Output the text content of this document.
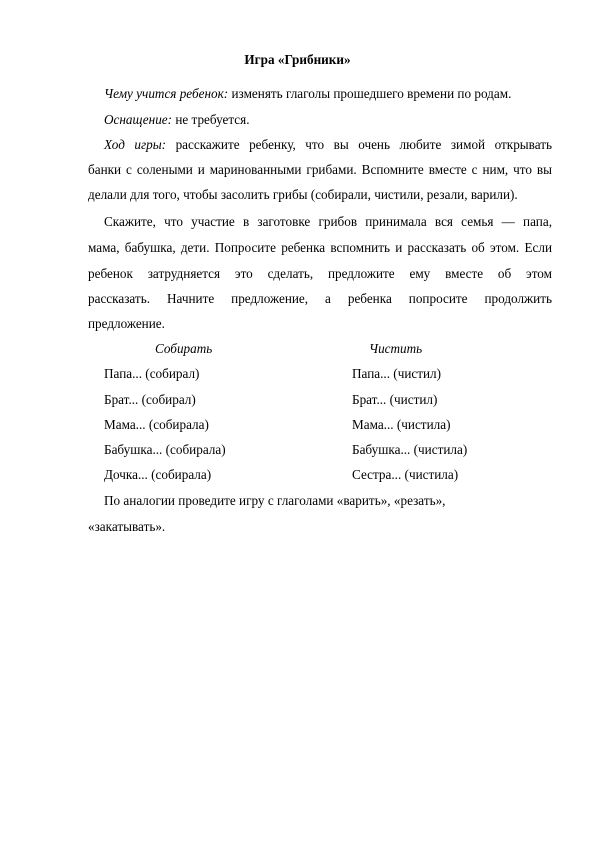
Игра «Грибники»
Чему учится ребенок: изменять глаголы прошедшего времени по родам.
Оснащение: не требуется.
Ход игры: расскажите ребенку, что вы очень любите зимой открывать
банки с солеными и маринованными грибами. Вспомните вместе с ним, что вы
делали для того, чтобы засолить грибы (собирали, чистили, резали, варили).
Скажите, что участие в заготовке грибов принимала вся семья — папа,
мама, бабушка, дети. Попросите ребенка вспомнить и рассказать об этом. Если
ребенок затрудняется это сделать, предложите ему вместе об этом
рассказать. Начните предложение, а ребенка попросите продолжить
предложение.
Собирать	Чистить
Папа... (собирал)
Брат... (собирал)
Мама... (собирала)
Бабушка... (собирала)
Дочка... (собирала)
Папа... (чистил)
Брат... (чистил)
Мама... (чистила)
Бабушка... (чистила)
Сестра... (чистила)
По аналогии проведите игру с глаголами «варить», «резать»,
«закатывать».
